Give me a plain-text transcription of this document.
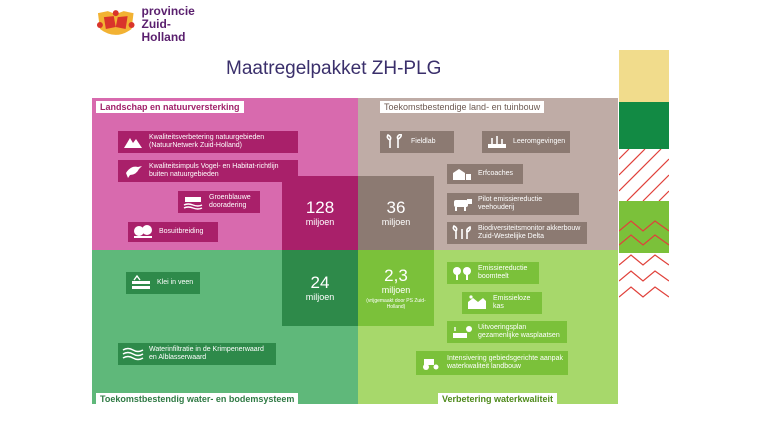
provincie
Zuid-Holland
Maatregelpakket ZH-PLG
Landschap en natuurversterking	Toekomstbestendige land- en tuinbouw
Toekomstbestendig water- en bodemsysteem	Verbetering waterkwaliteit
128
miljoen
36
miljoen
24
miljoen
2,3
miljoen
(vrijgemaakt door PS Zuid-Holland)
Kwaliteitsverbetering natuurgebieden (NatuurNetwerk Zuid-Holland)
Kwaliteitsimpuls Vogel- en Habitat-richtlijn buiten natuurgebieden
Groenblauwe dooradering
Bosuitbreiding
Fieldlab	Leeromgevingen
Erfcoaches
Pilot emissiereductie veehouderij
Biodiversiteitsmonitor akkerbouw Zuid-Westelijke Delta
Klei in veen
Waterinfiltratie in de Krimpenerwaard en Alblasserwaard
Emissiereductie boomteelt
Emissieloze kas
Uitvoeringsplan gezamenlijke wasplaatsen
Intensivering gebiedsgerichte aanpak waterkwaliteit landbouw
